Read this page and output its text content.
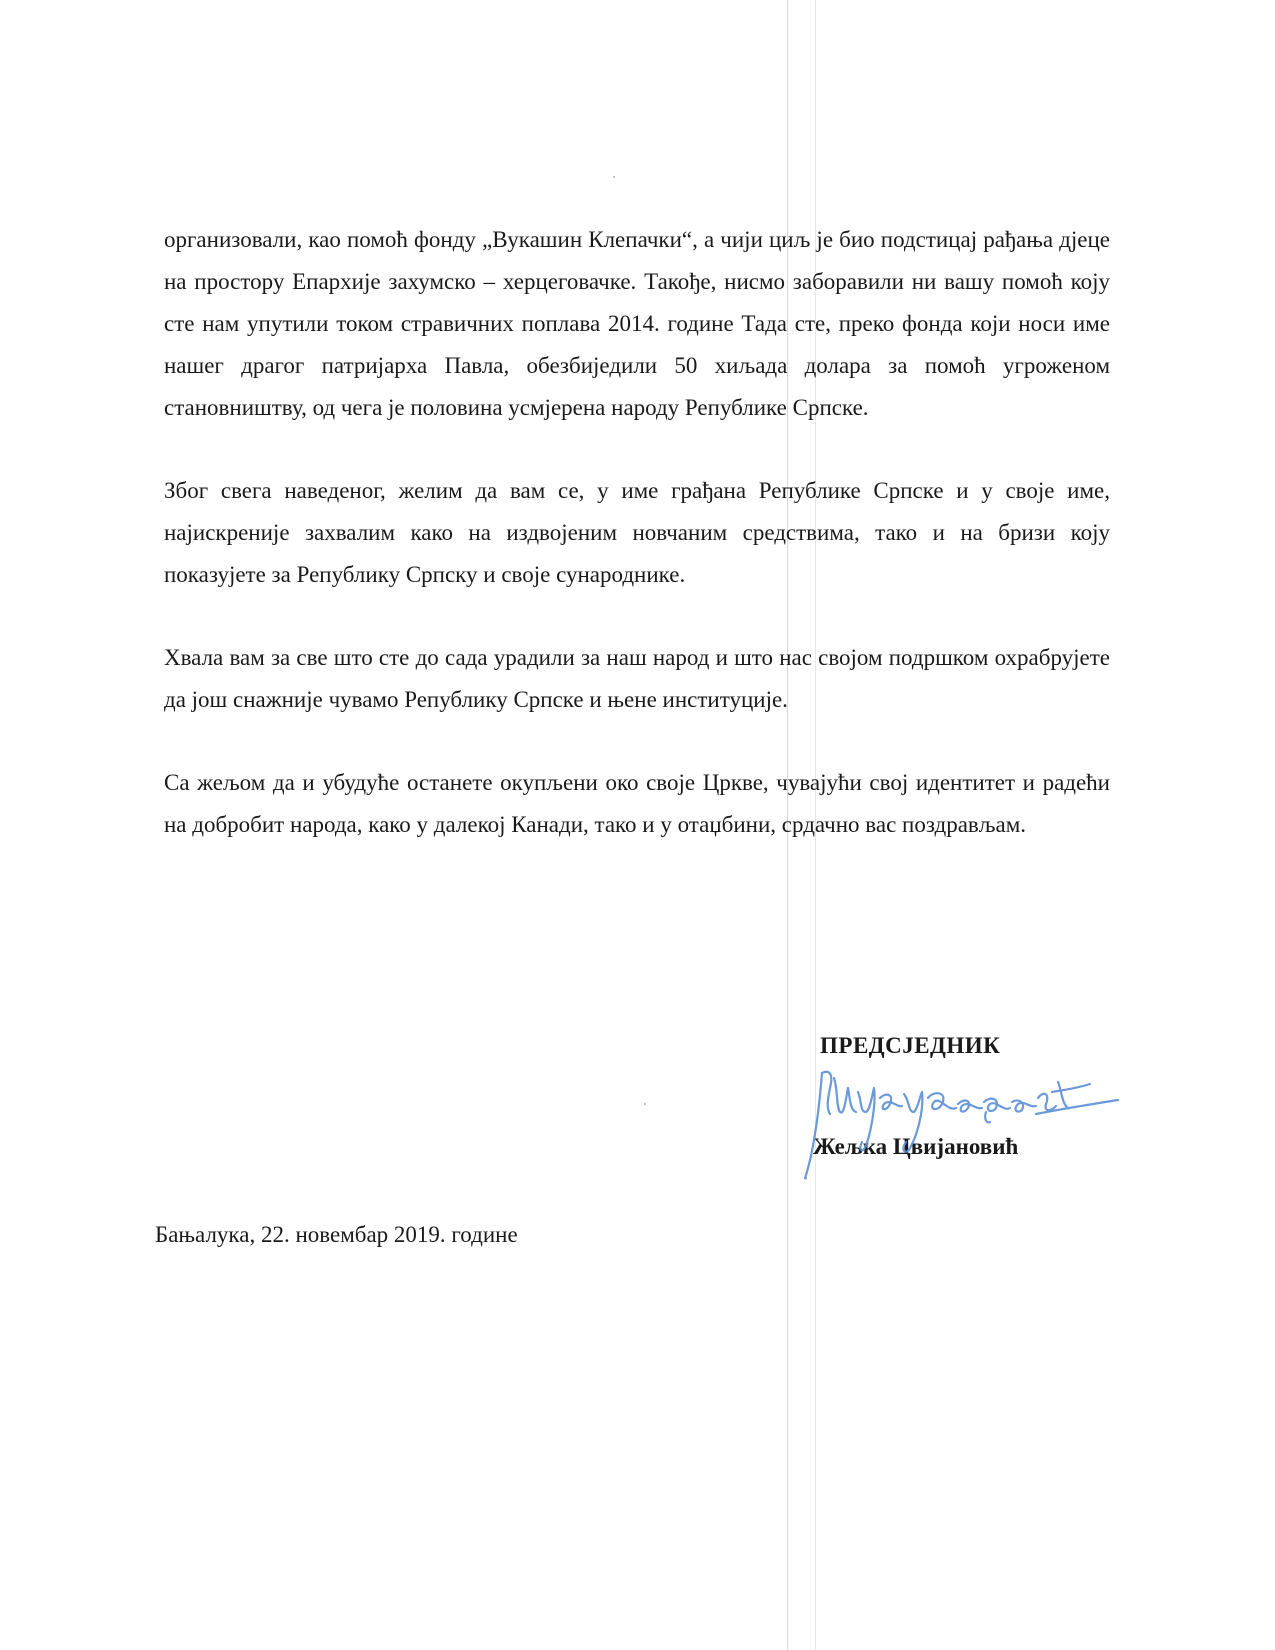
организовали, као помоћ фонду „Вукашин Клепачки“, а чији циљ је био подстицај рађања дјеце на простору Епархије захумско – херцеговачке. Такође, нисмо заборавили ни вашу помоћ коју сте нам упутили током стравичних поплава 2014. године Тада сте, преко фонда који носи име нашег драгог патријарха Павла, обезбиједили 50 хиљада долара за помоћ угроженом становништву, од чега је половина усмјерена народу Републике Српске.

Због свега наведеног, желим да вам се, у име грађана Републике Српске и у своје име, најискреније захвалим како на издвојеним новчаним средствима, тако и на бризи коју показујете за Републику Српску и своје сународнике.

Хвала вам за све што сте до сада урадили за наш народ и што нас својом подршком охрабрујете да још снажније чувамо Републику Српске и њене институције.

Са жељом да и убудуће останете окупљени око своје Цркве, чувајући свој идентитет и радећи на добробит народа, како у далекој Канади, тако и у отаџбини, срдачно вас поздрављам.

ПРЕДСЈЕДНИК

Жељка Цвијановић

Бањалука, 22. новембар 2019. године
